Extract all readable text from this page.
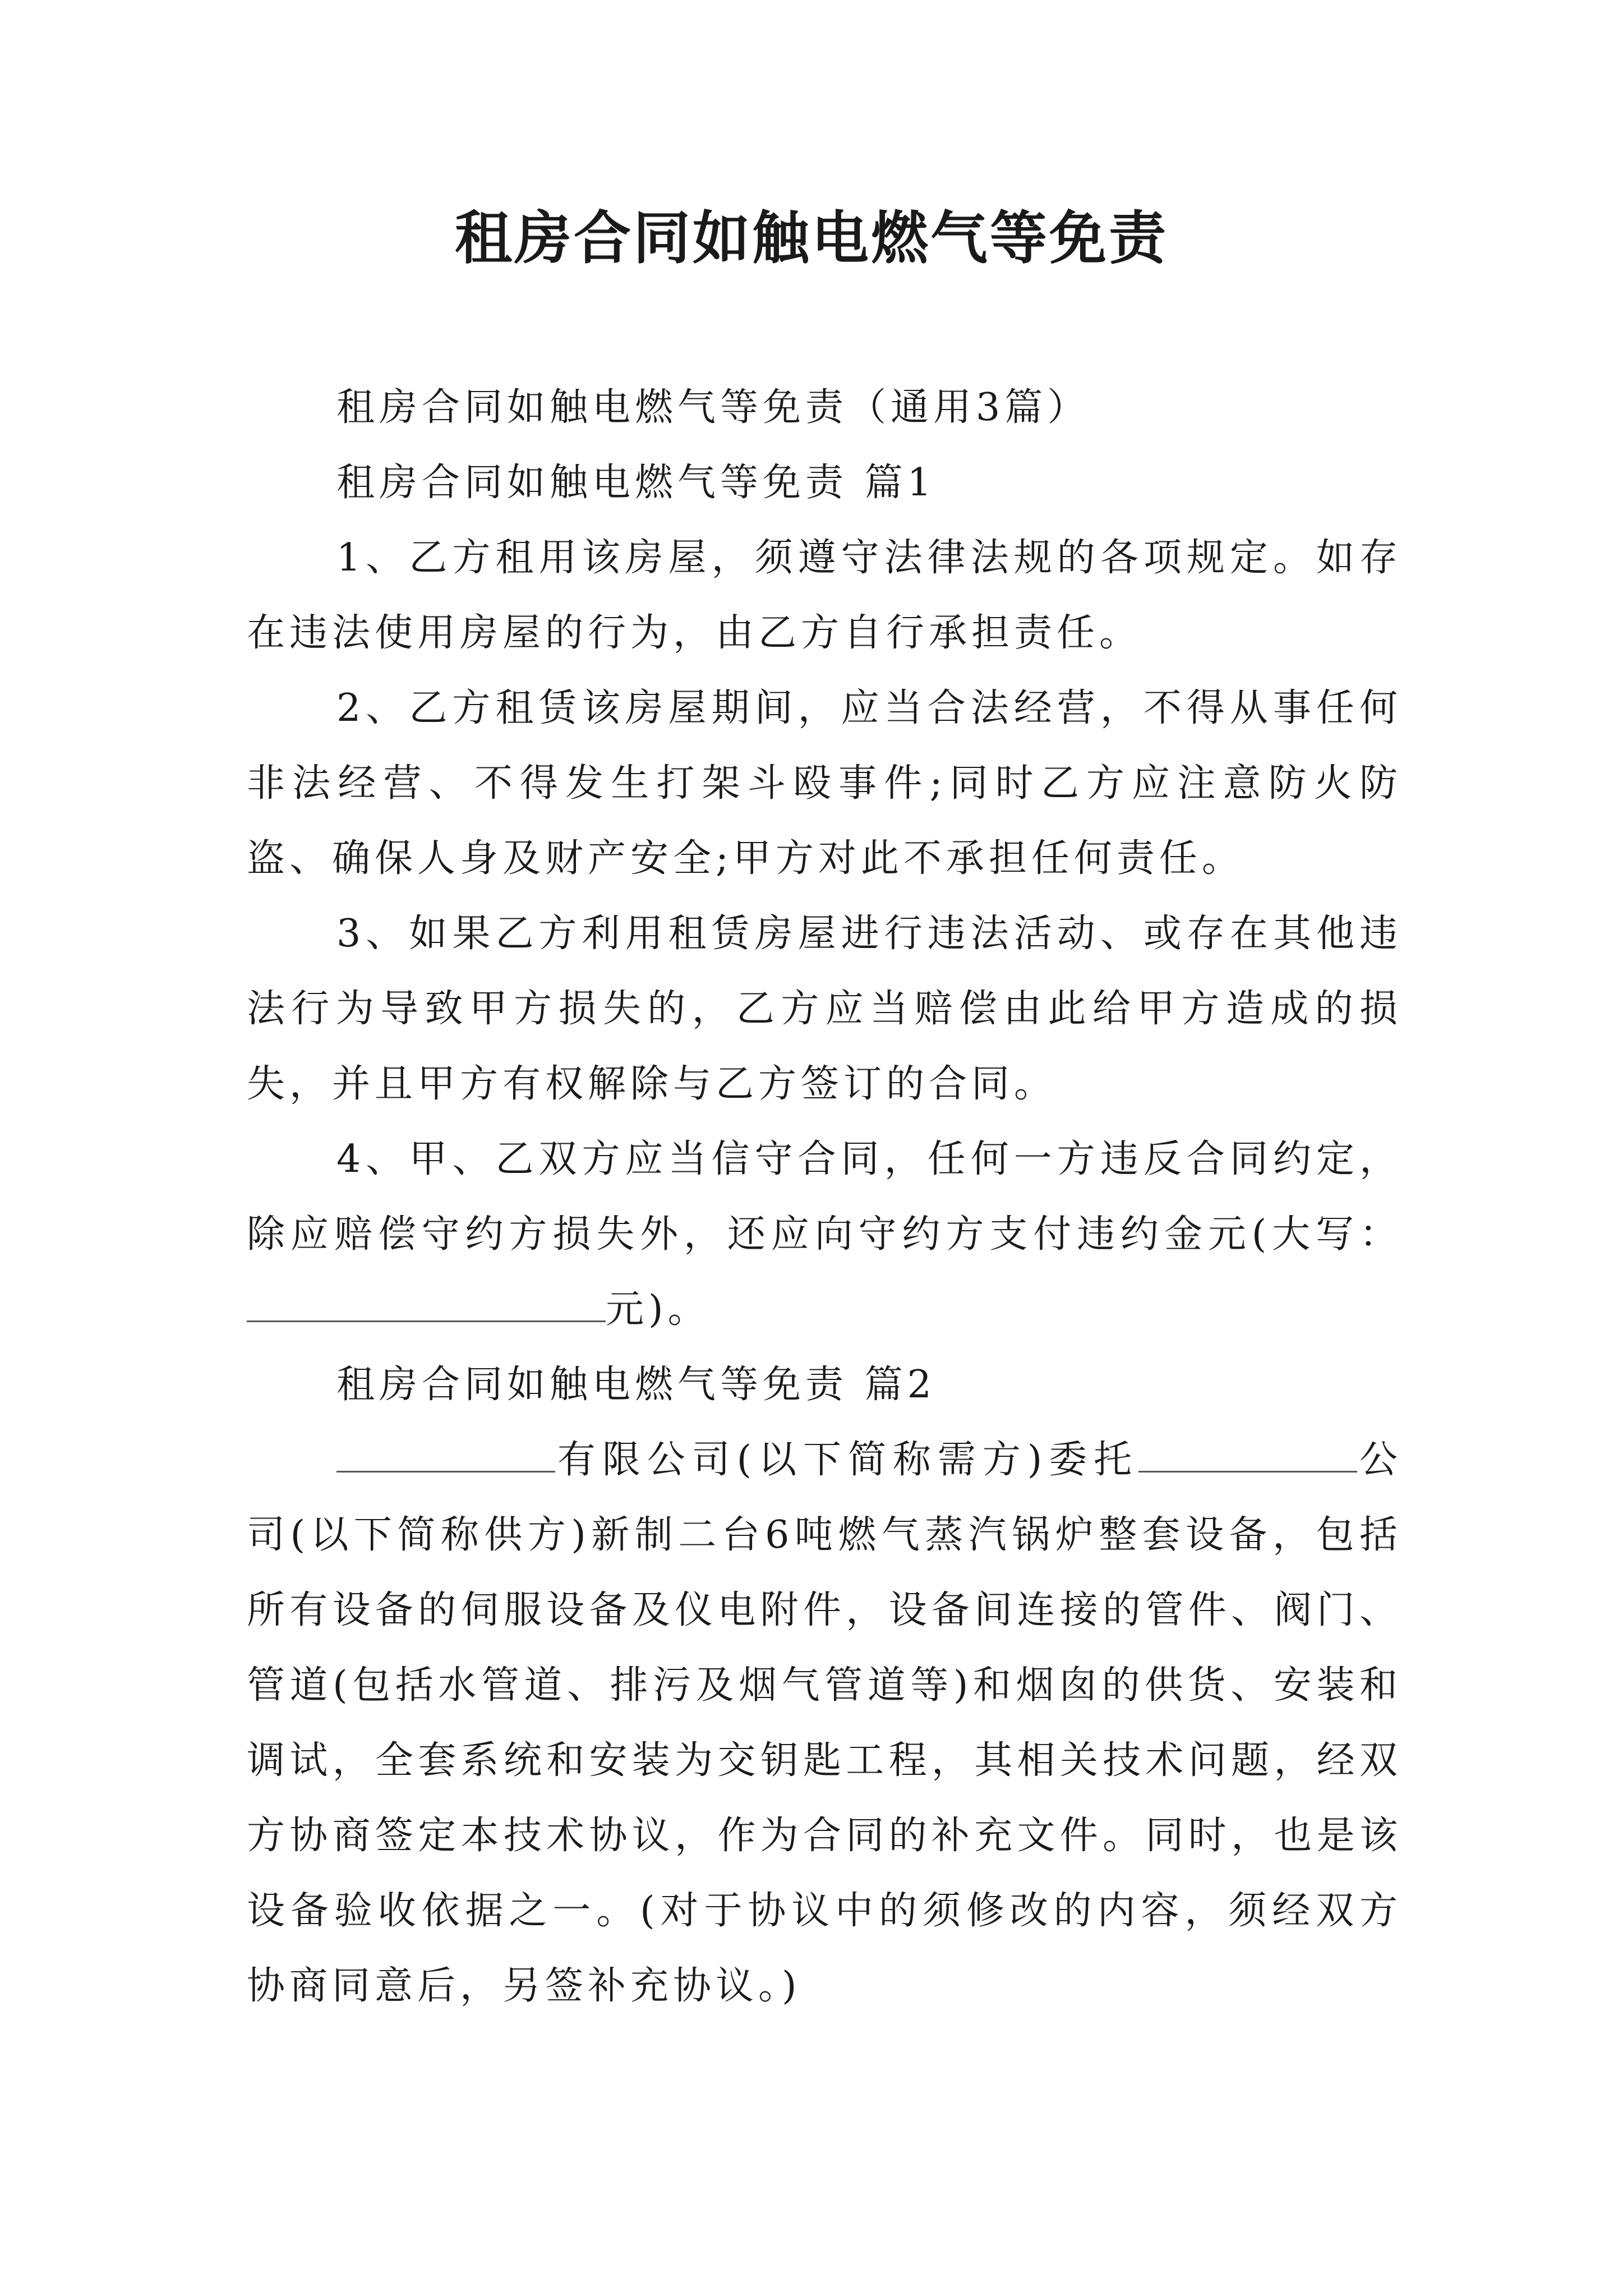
租房合同如触电燃气等免责

租房合同如触电燃气等免责（通用3篇）

租房合同如触电燃气等免责 篇1

1、乙方租用该房屋，须遵守法律法规的各项规定。如存在违法使用房屋的行为，由乙方自行承担责任。

2、乙方租赁该房屋期间，应当合法经营，不得从事任何非法经营、不得发生打架斗殴事件;同时乙方应注意防火防盗、确保人身及财产安全;甲方对此不承担任何责任。

3、如果乙方利用租赁房屋进行违法活动、或存在其他违法行为导致甲方损失的，乙方应当赔偿由此给甲方造成的损失，并且甲方有权解除与乙方签订的合同。

4、甲、乙双方应当信守合同，任何一方违反合同约定，除应赔偿守约方损失外，还应向守约方支付违约金元(大写：元)。

租房合同如触电燃气等免责 篇2

有限公司(以下简称需方)委托	公司(以下简称供方)新制二台6吨燃气蒸汽锅炉整套设备，包括所有设备的伺服设备及仪电附件，设备间连接的管件、阀门、管道(包括水管道、排污及烟气管道等)和烟囱的供货、安装和调试，全套系统和安装为交钥匙工程，其相关技术问题，经双方协商签定本技术协议，作为合同的补充文件。同时，也是该设备验收依据之一。(对于协议中的须修改的内容，须经双方协商同意后，另签补充协议。)
